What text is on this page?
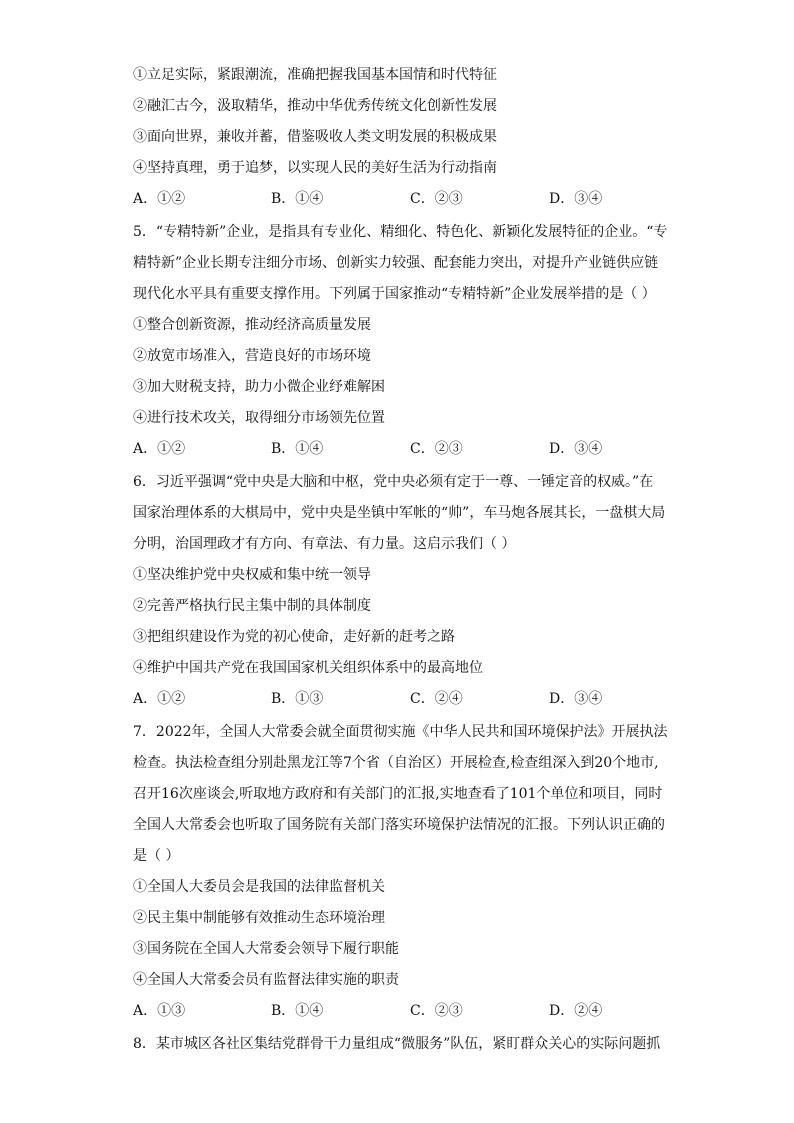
①立足实际，紧跟潮流，准确把握我国基本国情和时代特征
②融汇古今，汲取精华，推动中华优秀传统文化创新性发展
③面向世界，兼收并蓄，借鉴吸收人类文明发展的积极成果
④坚持真理，勇于追梦，以实现人民的美好生活为行动指南
A．①②	B．①④	C．②③	D．③④
5．“专精特新”企业，是指具有专业化、精细化、特色化、新颖化发展特征的企业。“专
精特新”企业长期专注细分市场、创新实力较强、配套能力突出，对提升产业链供应链
现代化水平具有重要支撑作用。下列属于国家推动“专精特新”企业发展举措的是（ ）
①整合创新资源，推动经济高质量发展
②放宽市场准入，营造良好的市场环境
③加大财税支持，助力小微企业纾难解困
④进行技术攻关，取得细分市场领先位置
A．①②	B．①④	C．②③	D．③④
6．习近平强调“党中央是大脑和中枢，党中央必须有定于一尊、一锤定音的权威。”在
国家治理体系的大棋局中，党中央是坐镇中军帐的“帅”，车马炮各展其长，一盘棋大局
分明，治国理政才有方向、有章法、有力量。这启示我们（ ）
①坚决维护党中央权威和集中统一领导
②完善严格执行民主集中制的具体制度
③把组织建设作为党的初心使命，走好新的赶考之路
④维护中国共产党在我国国家机关组织体系中的最高地位
A．①②	B．①③	C．②④	D．③④
7．2022年，全国人大常委会就全面贯彻实施《中华人民共和国环境保护法》开展执法
检查。执法检查组分别赴黑龙江等7个省（自治区）开展检查,检查组深入到20个地市,
召开16次座谈会,听取地方政府和有关部门的汇报,实地查看了101个单位和项目，同时
全国人大常委会也听取了国务院有关部门落实环境保护法情况的汇报。下列认识正确的
是（ ）
①全国人大委员会是我国的法律监督机关
②民主集中制能够有效推动生态环境治理
③国务院在全国人大常委会领导下履行职能
④全国人大常委会员有监督法律实施的职责
A．①③	B．①④	C．②③	D．②④
8．某市城区各社区集结党群骨干力量组成“微服务”队伍，紧盯群众关心的实际问题抓
